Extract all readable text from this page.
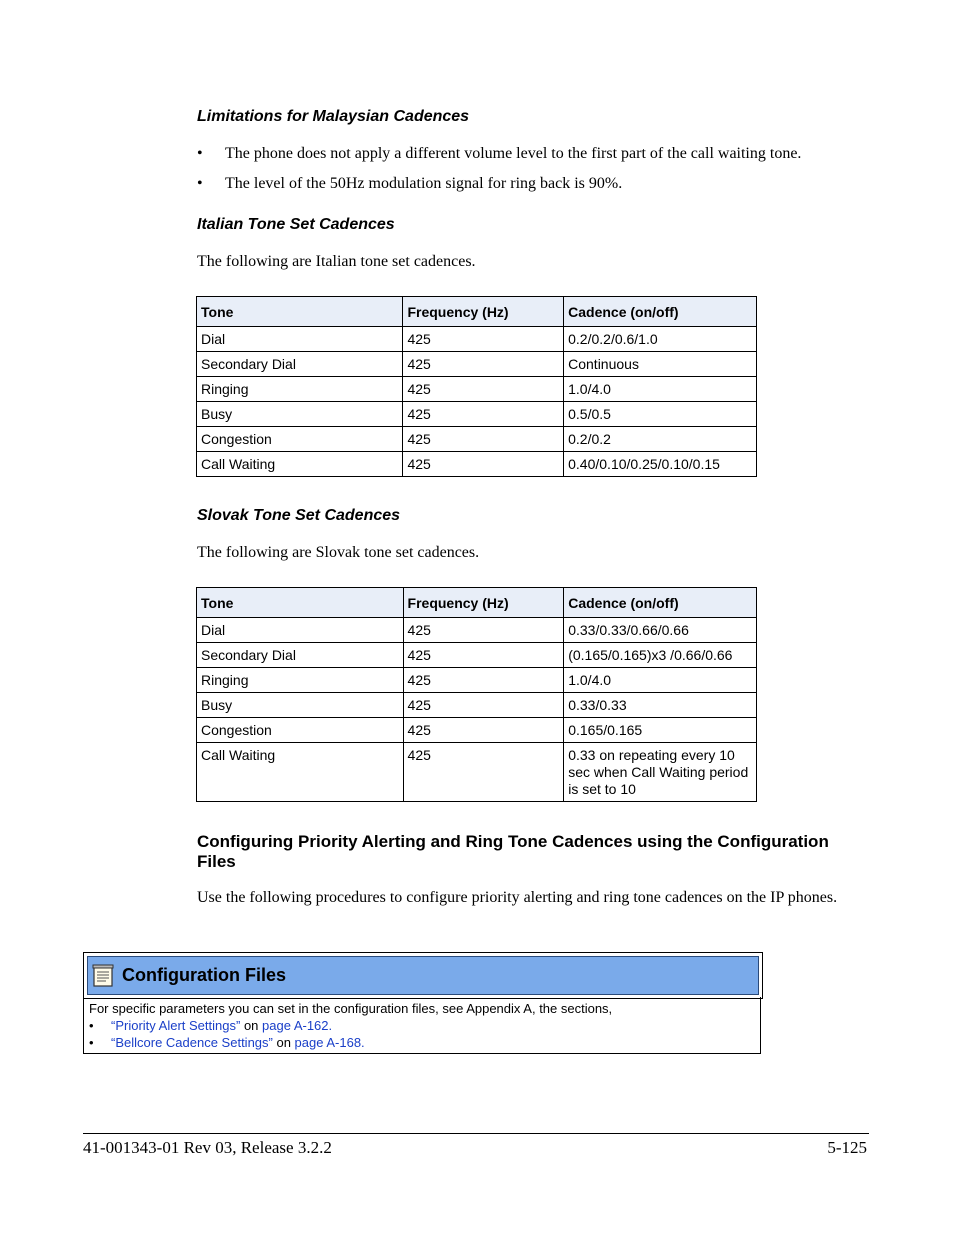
Limitations for Malaysian Cadences
•	The phone does not apply a different volume level to the first part of the call waiting tone.
•	The level of the 50Hz modulation signal for ring back is 90%.
Italian Tone Set Cadences
The following are Italian tone set cadences.
Tone	Frequency (Hz)	Cadence (on/off)
Dial	425	0.2/0.2/0.6/1.0
Secondary Dial	425	Continuous
Ringing	425	1.0/4.0
Busy	425	0.5/0.5
Congestion	425	0.2/0.2
Call Waiting	425	0.40/0.10/0.25/0.10/0.15
Slovak Tone Set Cadences
The following are Slovak tone set cadences.
Tone	Frequency (Hz)	Cadence (on/off)
Dial	425	0.33/0.33/0.66/0.66
Secondary Dial	425	(0.165/0.165)x3 /0.66/0.66
Ringing	425	1.0/4.0
Busy	425	0.33/0.33
Congestion	425	0.165/0.165
Call Waiting	425	0.33 on repeating every 10 sec when Call Waiting period is set to 10
Configuring Priority Alerting and Ring Tone Cadences using the Configuration Files
Use the following procedures to configure priority alerting and ring tone cadences on the IP phones.
Configuration Files
For specific parameters you can set in the configuration files, see Appendix A, the sections,
•	“Priority Alert Settings” on page A-162.
•	“Bellcore Cadence Settings” on page A-168.
41-001343-01 Rev 03, Release 3.2.2	5-125
